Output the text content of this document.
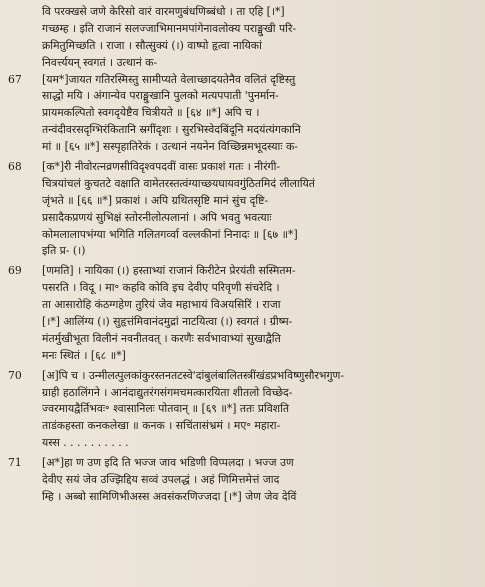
वि परक्खसे जणे केरिसो वारं वारमणुबंधणिब्बंधो । ता एहि [।*]
गच्छम्ह । इति राजानं सलज्जाभिमानमपांगेनावलोक्य पराङ्मुखी परि-
क्रमितुमिच्छति । राजा । सौत्सुक्यं (।) वाष्पो हृत्वा नायिकां
निवर्त्त्ययन् स्वगतं । उत्थानं क-
67	[यम*]जायत गतिरस्मिस्तु सामीप्यते वेलाच्छादयतेनैव वलितं दृष्टिस्तु
साद्धो मयि । अंगान्येव पराङ्मुखानि पुलको मत्यपपाती 'पुनर्मान-
प्रायमकल्पितो स्वगदृयेष्टैव चित्रीयते ॥ [६४ ॥*] अपि च ।
तन्वंदीवरसदृग्भिरंकितानि स्रगींदृशः । सुरभिस्वेदबिंदूनि मदयंत्यंगकानि
मां ॥ [६५ ॥*] सस्पृहातिरेकं । उत्थानं नयनेन विच्छिन्नमभूदस्याः क-
68	[क*]री नीवोरत्नव्रणसीविदृश्वपदवीं वासः प्रकाशं गतः । नीरंगी-
चित्रयांचलं कुचतटे वक्षाति वामेतरस्तत्वंग्याच्छयघायवगुंठितमिदं लीलायितं
जृंभते ॥ [६६ ॥*] प्रकाशं । अपि ग्रथितसृष्टि मानं सुंच दृष्टि-
प्रसादैकप्रणयं सुभिक्षं स्तोरनीलोत्पलानां । अपि भवतु भवत्याः
कोमलालापभंग्या भगिति गलितगर्व्वा वल्लकीनां निनादः ॥ [६७ ॥*]
इति प्र- (।)
69	[णमति] । नायिका (।) हस्ताभ्यां राजानं किरीटेन प्रेरयंती सस्मितम-
पसरति । विदू । मा॰ कहवि कोवि इच देवीए परिवृणी संचरेदि ।
ता आसारोहि कंठग्गहेण तुरियं जेव महाभायं विअयसिरिं । राजा
[।*] आलिंग्य (।) सुहृत्तंमिवानंदमुद्रां नाटयित्वा (।) स्वगतं । ग्रीष्म-
मंतर्मुखीभूता विलीनं नवनीतवत् । करणैः सर्वभावाभ्यां सुखाद्वैति
मनः स्थितं । [६८ ॥*]
70	[अ]पि च । उन्मीलत्पुलकांकुरस्तनतटस्वे'दांबुलंबालितस्त्रींखंडप्रभविष्णुसौरभगुण-
ग्राही हठालिंगने । आनंदाद्युतरंगसंगमचमत्कारयिता शीतलो विच्छेद-
ज्वरमायद्वैर्तिभवः॰ श्वासानिलः पोतवान् ॥ [६९ ॥*] ततः प्रविशति
ताडंकहस्ता कनकलेखा ॥ कनक । सचिंतासंभ्रमं । मए॰ महारा-
यस्स . . . . . . . . . .
71	[अ*]हा ण उण इदि ति भज्ज जाव भडिणी विप्पलदा । भज्ज उण
देवीए सयं जेव उज्झिद्दिय सव्वं उपलद्धं । अहं णिमित्तमेत्तं जाद
म्हि । अब्बो सामिणिभीअस्स अवसंकरणिज्जदा [।*] जेण जेव देविं
